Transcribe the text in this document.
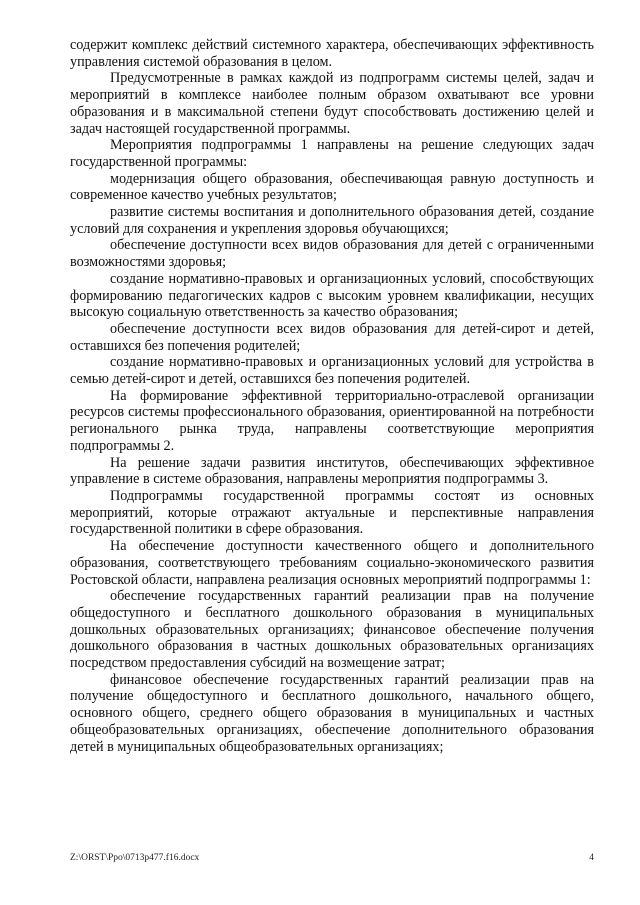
содержит комплекс действий системного характера, обеспечивающих эффективность управления системой образования в целом.

Предусмотренные в рамках каждой из подпрограмм системы целей, задач и мероприятий в комплексе наиболее полным образом охватывают все уровни образования и в максимальной степени будут способствовать достижению целей и задач настоящей государственной программы.

Мероприятия подпрограммы 1 направлены на решение следующих задач государственной программы:

модернизация общего образования, обеспечивающая равную доступность и современное качество учебных результатов;

развитие системы воспитания и дополнительного образования детей, создание условий для сохранения и укрепления здоровья обучающихся;

обеспечение доступности всех видов образования для детей с ограниченными возможностями здоровья;

создание нормативно-правовых и организационных условий, способствующих формированию педагогических кадров с высоким уровнем квалификации, несущих высокую социальную ответственность за качество образования;

обеспечение доступности всех видов образования для детей-сирот и детей, оставшихся без попечения родителей;

создание нормативно-правовых и организационных условий для устройства в семью детей-сирот и детей, оставшихся без попечения родителей.

На формирование эффективной территориально-отраслевой организации ресурсов системы профессионального образования, ориентированной на потребности регионального рынка труда, направлены соответствующие мероприятия подпрограммы 2.

На решение задачи развития институтов, обеспечивающих эффективное управление в системе образования, направлены мероприятия подпрограммы 3.

Подпрограммы государственной программы состоят из основных мероприятий, которые отражают актуальные и перспективные направления государственной политики в сфере образования.

На обеспечение доступности качественного общего и дополнительного образования, соответствующего требованиям социально-экономического развития Ростовской области, направлена реализация основных мероприятий подпрограммы 1:

обеспечение государственных гарантий реализации прав на получение общедоступного и бесплатного дошкольного образования в муниципальных дошкольных образовательных организациях; финансовое обеспечение получения дошкольного образования в частных дошкольных образовательных организациях посредством предоставления субсидий на возмещение затрат;

финансовое обеспечение государственных гарантий реализации прав на получение общедоступного и бесплатного дошкольного, начального общего, основного общего, среднего общего образования в муниципальных и частных общеобразовательных организациях, обеспечение дополнительного образования детей в муниципальных общеобразовательных организациях;

Z:\ORST\Ppo\0713p477.f16.docx	4
